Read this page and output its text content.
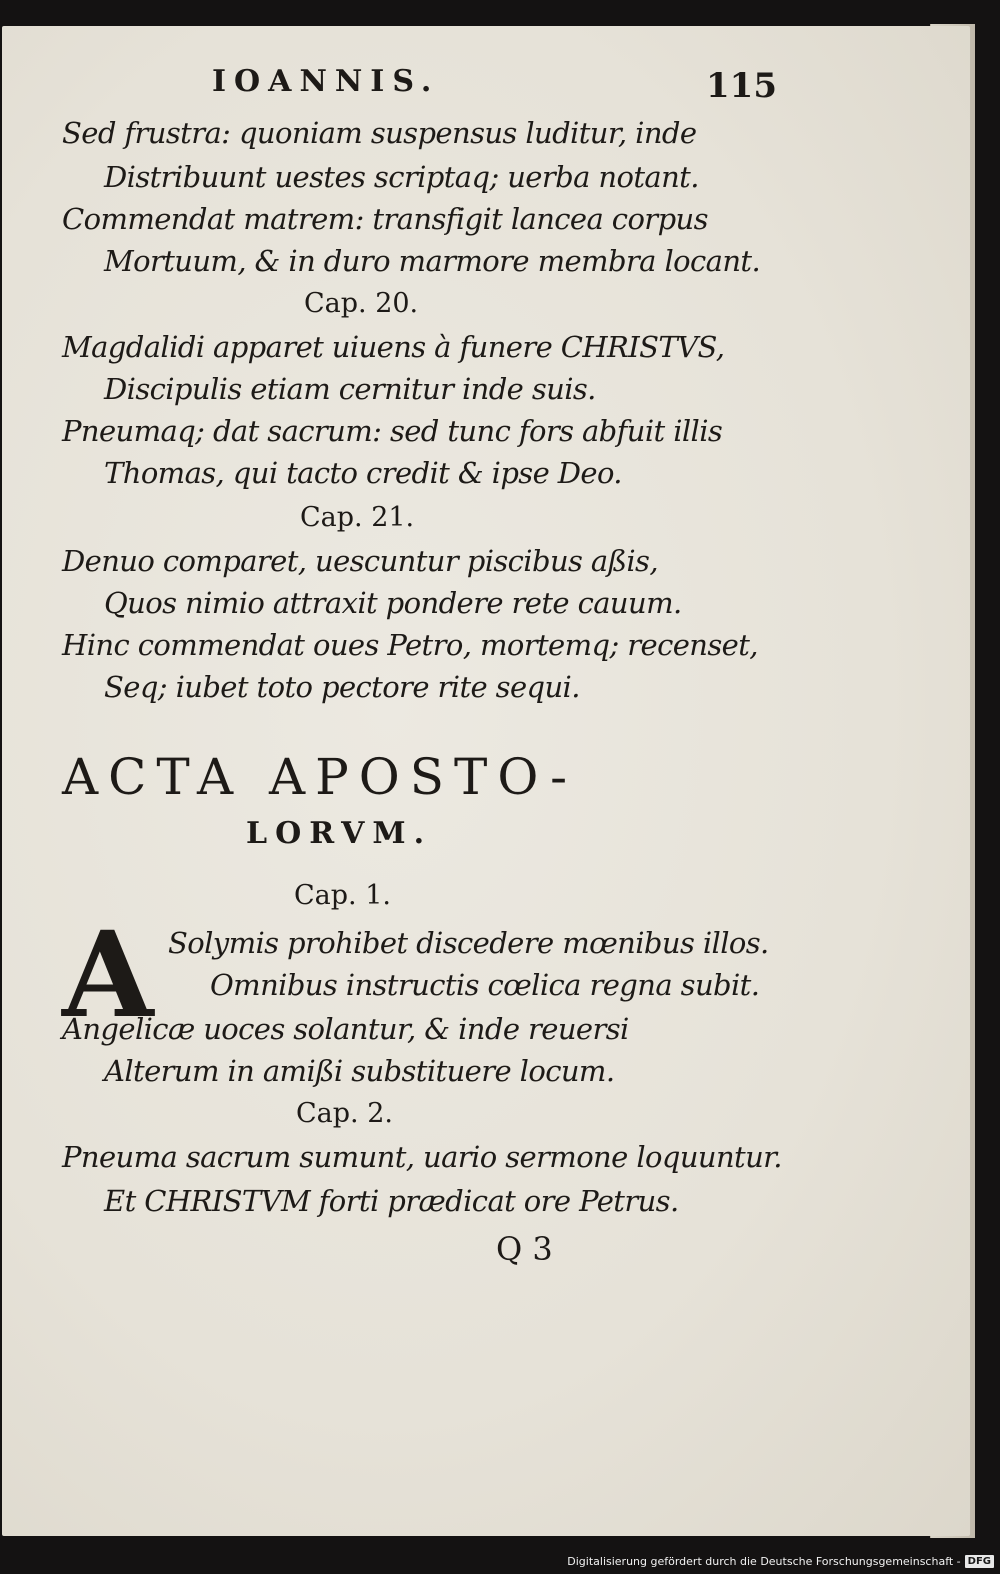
IOANNIS.	115
Sed frustra: quoniam suspensus luditur, inde
Distribuunt uestes scriptaq; uerba notant.
Commendat matrem: transfigit lancea corpus
Mortuum, & in duro marmore membra locant.
Cap. 20.
Magdalidi apparet uiuens à funere CHRISTVS,
Discipulis etiam cernitur inde suis.
Pneumaq; dat sacrum: sed tunc fors abfuit illis
Thomas, qui tacto credit & ipse Deo.
Cap. 21.
Denuo comparet, uescuntur piscibus aßis,
Quos nimio attraxit pondere rete cauum.
Hinc commendat oues Petro, mortemq; recenset,
Seq; iubet toto pectore rite sequi.
ACTA APOSTO-
LORVM.
Cap. 1.
A Solymis prohibet discedere mœnibus illos.
Omnibus instructis cœlica regna subit.
Angelicæ uoces solantur, & inde reuersi
Alterum in amißi substituere locum.
Cap. 2.
Pneuma sacrum sumunt, uario sermone loquuntur.
Et CHRISTVM forti prædicat ore Petrus.
Q 3
Digitalisierung gefördert durch die Deutsche Forschungsgemeinschaft - DFG
